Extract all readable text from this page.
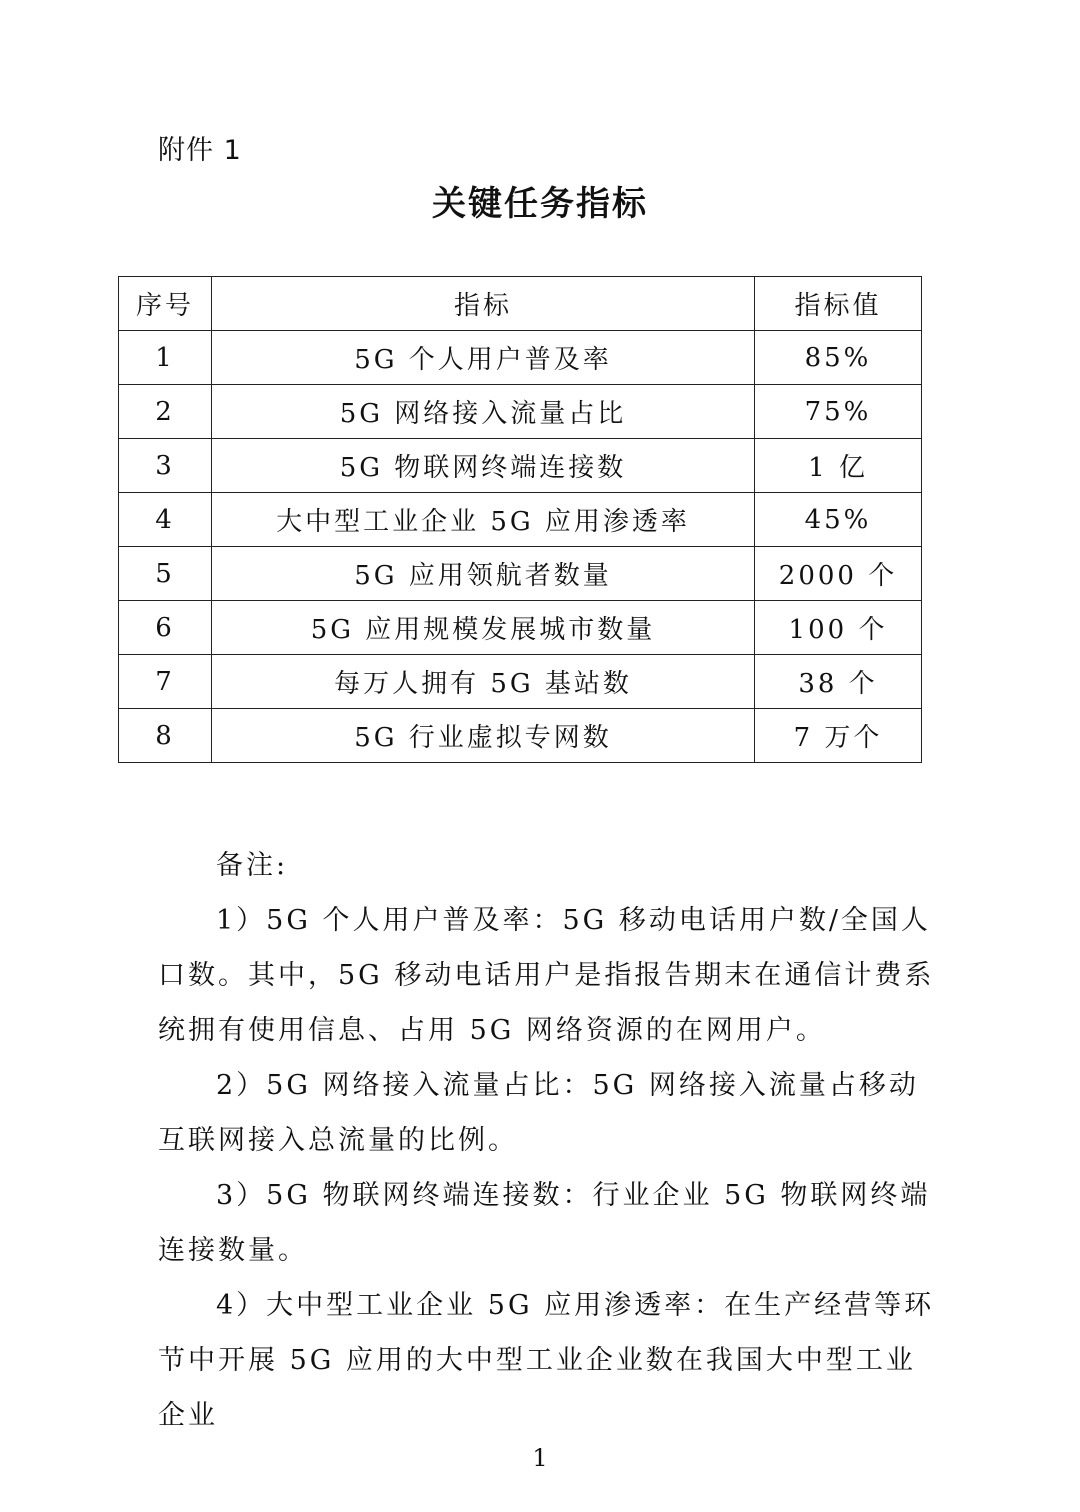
附件 1
关键任务指标
序号	指标	指标值
1	5G 个人用户普及率	85%
2	5G 网络接入流量占比	75%
3	5G 物联网终端连接数	1 亿
4	大中型工业企业 5G 应用渗透率	45%
5	5G 应用领航者数量	2000 个
6	5G 应用规模发展城市数量	100 个
7	每万人拥有 5G 基站数	38 个
8	5G 行业虚拟专网数	7 万个

备注:

1）5G 个人用户普及率：5G 移动电话用户数/全国人口数。其中，5G 移动电话用户是指报告期末在通信计费系统拥有使用信息、占用 5G 网络资源的在网用户。

2）5G 网络接入流量占比：5G 网络接入流量占移动互联网接入总流量的比例。

3）5G 物联网终端连接数：行业企业 5G 物联网终端连接数量。

4）大中型工业企业 5G 应用渗透率：在生产经营等环节中开展 5G 应用的大中型工业企业数在我国大中型工业企业

1
